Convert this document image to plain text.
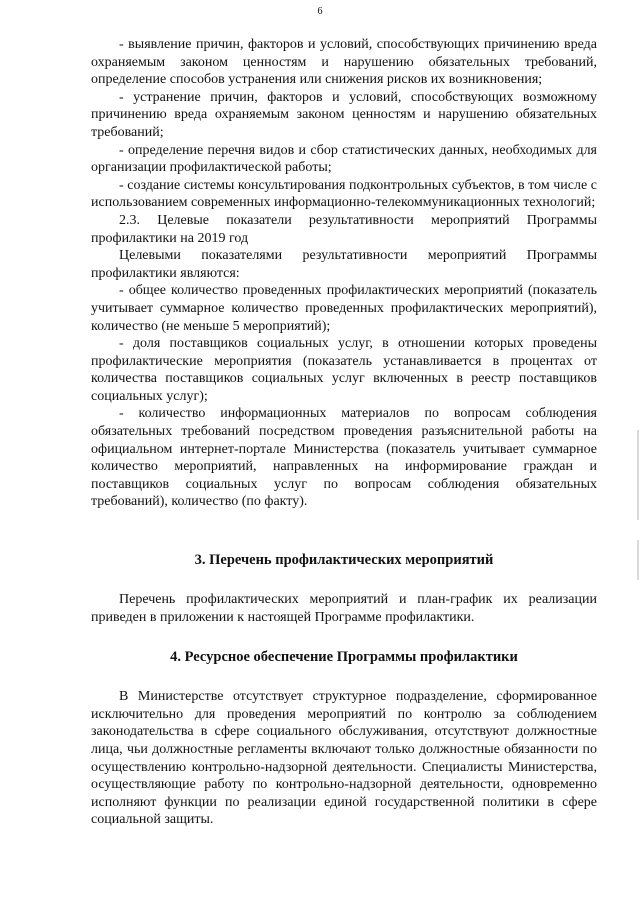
6

- выявление причин, факторов и условий, способствующих причинению вреда охраняемым законом ценностям и нарушению обязательных требований, определение способов устранения или снижения рисков их возникновения;

- устранение причин, факторов и условий, способствующих возможному причинению вреда охраняемым законом ценностям и нарушению обязательных требований;

- определение перечня видов и сбор статистических данных, необходимых для организации профилактической работы;

- создание системы консультирования подконтрольных субъектов, в том числе с использованием современных информационно-телекоммуникационных технологий;

2.3. Целевые показатели результативности мероприятий Программы профилактики на 2019 год

Целевыми показателями результативности мероприятий Программы профилактики являются:

- общее количество проведенных профилактических мероприятий (показатель учитывает суммарное количество проведенных профилактических мероприятий), количество (не меньше 5 мероприятий);

- доля поставщиков социальных услуг, в отношении которых проведены профилактические мероприятия (показатель устанавливается в процентах от количества поставщиков социальных услуг включенных в реестр поставщиков социальных услуг);

- количество информационных материалов по вопросам соблюдения обязательных требований посредством проведения разъяснительной работы на официальном интернет-портале Министерства (показатель учитывает суммарное количество мероприятий, направленных на информирование граждан и поставщиков социальных услуг по вопросам соблюдения обязательных требований), количество (по факту).

3. Перечень профилактических мероприятий

Перечень профилактических мероприятий и план-график их реализации приведен в приложении к настоящей Программе профилактики.

4. Ресурсное обеспечение Программы профилактики

В Министерстве отсутствует структурное подразделение, сформированное исключительно для проведения мероприятий по контролю за соблюдением законодательства в сфере социального обслуживания, отсутствуют должностные лица, чьи должностные регламенты включают только должностные обязанности по осуществлению контрольно-надзорной деятельности. Специалисты Министерства, осуществляющие работу по контрольно-надзорной деятельности, одновременно исполняют функции по реализации единой государственной политики в сфере социальной защиты.
